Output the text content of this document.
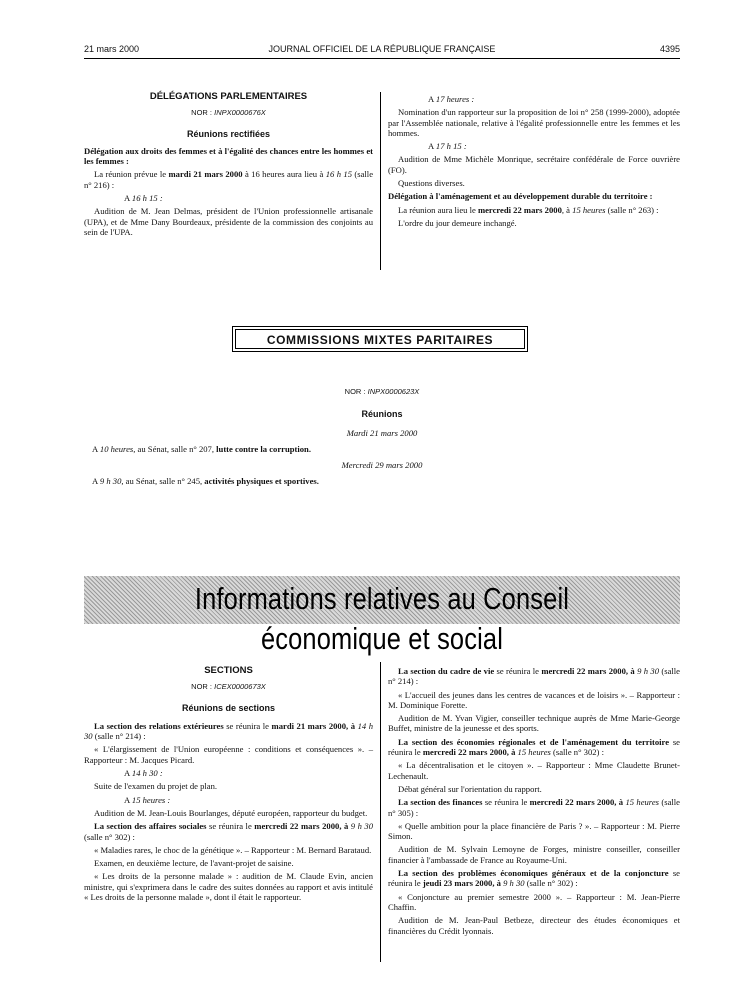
21 mars 2000	JOURNAL OFFICIEL DE LA RÉPUBLIQUE FRANÇAISE	4395
DÉLÉGATIONS PARLEMENTAIRES
NOR : INPX0000676X
Réunions rectifiées

Délégation aux droits des femmes et à l'égalité des chances entre les hommes et les femmes :

La réunion prévue le mardi 21 mars 2000 à 16 heures aura lieu à 16 h 15 (salle n° 216) :

A 16 h 15 :

Audition de M. Jean Delmas, président de l'Union professionnelle artisanale (UPA), et de Mme Dany Bourdeaux, présidente de la commission des conjoints au sein de l'UPA.

A 17 heures :

Nomination d'un rapporteur sur la proposition de loi n° 258 (1999-2000), adoptée par l'Assemblée nationale, relative à l'égalité professionnelle entre les femmes et les hommes.

A 17 h 15 :

Audition de Mme Michèle Monrique, secrétaire confédérale de Force ouvrière (FO).

Questions diverses.

Délégation à l'aménagement et au développement durable du territoire :

La réunion aura lieu le mercredi 22 mars 2000, à 15 heures (salle n° 263) :

L'ordre du jour demeure inchangé.

COMMISSIONS MIXTES PARITAIRES
NOR : INPX0000623X
Réunions
Mardi 21 mars 2000
A 10 heures, au Sénat, salle n° 207, lutte contre la corruption.
Mercredi 29 mars 2000
A 9 h 30, au Sénat, salle n° 245, activités physiques et sportives.
Informations relatives au Conseil économique et social
SECTIONS
NOR : ICEX0000673X
Réunions de sections

La section des relations extérieures se réunira le mardi 21 mars 2000, à 14 h 30 (salle n° 214) :

« L'élargissement de l'Union européenne : conditions et conséquences ». – Rapporteur : M. Jacques Picard.

A 14 h 30 :

Suite de l'examen du projet de plan.

A 15 heures :

Audition de M. Jean-Louis Bourlanges, député européen, rapporteur du budget.

La section des affaires sociales se réunira le mercredi 22 mars 2000, à 9 h 30 (salle n° 302) :

« Maladies rares, le choc de la génétique ». – Rapporteur : M. Bernard Barataud.

Examen, en deuxième lecture, de l'avant-projet de saisine.

« Les droits de la personne malade » : audition de M. Claude Evin, ancien ministre, qui s'exprimera dans le cadre des suites données au rapport et avis intitulé « Les droits de la personne malade », dont il était le rapporteur.

La section du cadre de vie se réunira le mercredi 22 mars 2000, à 9 h 30 (salle n° 214) :

« L'accueil des jeunes dans les centres de vacances et de loisirs ». – Rapporteur : M. Dominique Forette.

Audition de M. Yvan Vigier, conseiller technique auprès de Mme Marie-George Buffet, ministre de la jeunesse et des sports.

La section des économies régionales et de l'aménagement du territoire se réunira le mercredi 22 mars 2000, à 15 heures (salle n° 302) :

« La décentralisation et le citoyen ». – Rapporteur : Mme Claudette Brunet-Lechenault.

Débat général sur l'orientation du rapport.

La section des finances se réunira le mercredi 22 mars 2000, à 15 heures (salle n° 305) :

« Quelle ambition pour la place financière de Paris ? ». – Rapporteur : M. Pierre Simon.

Audition de M. Sylvain Lemoyne de Forges, ministre conseiller, conseiller financier à l'ambassade de France au Royaume-Uni.

La section des problèmes économiques généraux et de la conjoncture se réunira le jeudi 23 mars 2000, à 9 h 30 (salle n° 302) :

« Conjoncture au premier semestre 2000 ». – Rapporteur : M. Jean-Pierre Chaffin.

Audition de M. Jean-Paul Betbeze, directeur des études économiques et financières du Crédit lyonnais.
